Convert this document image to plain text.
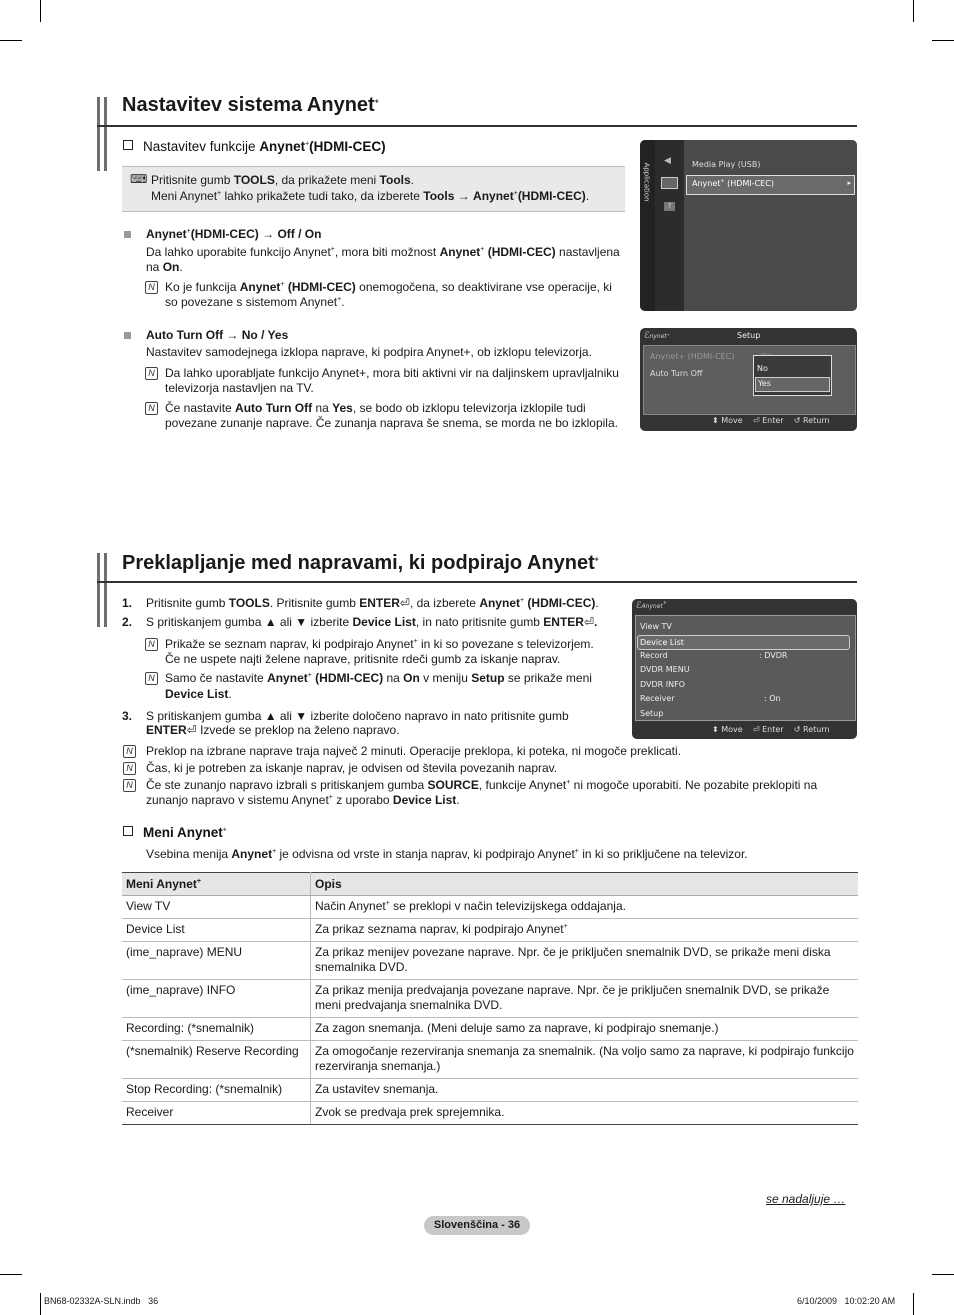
Nastavitev sistema Anynet+
Nastavitev funkcije Anynet+(HDMI-CEC)
⌨ Pritisnite gumb TOOLS, da prikažete meni Tools.
Meni Anynet+ lahko prikažete tudi tako, da izberete Tools → Anynet+(HDMI-CEC).
Anynet+(HDMI-CEC) → Off / On
Da lahko uporabite funkcijo Anynet+, mora biti možnost Anynet+ (HDMI-CEC) nastavljena
na On.
N Ko je funkcija Anynet+ (HDMI-CEC) onemogočena, so deaktivirane vse operacije, ki
so povezane s sistemom Anynet+.
Auto Turn Off → No / Yes
Nastavitev samodejnega izklopa naprave, ki podpira Anynet+, ob izklopu televizorja.
N Da lahko uporabljate funkcijo Anynet+, mora biti aktivni vir na daljinskem upravljalniku
televizorja nastavljen na TV.
N Če nastavite Auto Turn Off na Yes, se bodo ob izklopu televizorja izklopile tudi
povezane zunanje naprave. Če zunanja naprava še snema, se morda ne bo izklopila.
Application
◀
?
Media Play (USB)
Anynet+ (HDMI-CEC)	▸
ℰnynet⁺	Setup
Anynet+ (HDMI-CEC)
Auto Turn Off
No
Yes
⬍ Move ⏎ Enter ↺ Return
Preklapljanje med napravami, ki podpirajo Anynet+
1. Pritisnite gumb TOOLS. Pritisnite gumb ENTER⏎, da izberete Anynet+ (HDMI-CEC).
2. S pritiskanjem gumba ▲ ali ▼ izberite Device List, in nato pritisnite gumb ENTER⏎.
N Prikaže se seznam naprav, ki podpirajo Anynet+ in ki so povezane s televizorjem.
Če ne uspete najti želene naprave, pritisnite rdeči gumb za iskanje naprav.
N Samo če nastavite Anynet+ (HDMI-CEC) na On v meniju Setup se prikaže meni
Device List.
3. S pritiskanjem gumba ▲ ali ▼ izberite določeno napravo in nato pritisnite gumb
ENTER⏎ Izvede se preklop na želeno napravo.
N Preklop na izbrane naprave traja največ 2 minuti. Operacije preklopa, ki poteka, ni mogoče preklicati.
N Čas, ki je potreben za iskanje naprav, je odvisen od števila povezanih naprav.
N Če ste zunanjo napravo izbrali s pritiskanjem gumba SOURCE, funkcije Anynet+ ni mogoče uporabiti. Ne pozabite preklopiti na
zunanjo napravo v sistemu Anynet+ z uporabo Device List.
ℰAnynet+
View TV
Device List
Record	: DVDR
DVDR MENU
DVDR INFO
Receiver	: On
Setup
⬍ Move ⏎ Enter ↺ Return
Meni Anynet+
Vsebina menija Anynet+ je odvisna od vrste in stanja naprav, ki podpirajo Anynet+ in ki so priključene na televizor.
Meni Anynet+	Opis
View TV	Način Anynet+ se preklopi v način televizijskega oddajanja.
Device List	Za prikaz seznama naprav, ki podpirajo Anynet+
(ime_naprave) MENU	Za prikaz menijev povezane naprave. Npr. če je priključen snemalnik DVD, se prikaže meni diska snemalnika DVD.
(ime_naprave) INFO	Za prikaz menija predvajanja povezane naprave. Npr. če je priključen snemalnik DVD, se prikaže meni predvajanja snemalnika DVD.
Recording: (*snemalnik)	Za zagon snemanja. (Meni deluje samo za naprave, ki podpirajo snemanje.)
(*snemalnik) Reserve Recording	Za omogočanje rezerviranja snemanja za snemalnik. (Na voljo samo za naprave, ki podpirajo funkcijo rezerviranja snemanja.)
Stop Recording: (*snemalnik)	Za ustavitev snemanja.
Receiver	Zvok se predvaja prek sprejemnika.
se nadaljuje …
Slovenščina - 36
BN68-02332A-SLN.indb   36	6/10/2009   10:02:20 AM
